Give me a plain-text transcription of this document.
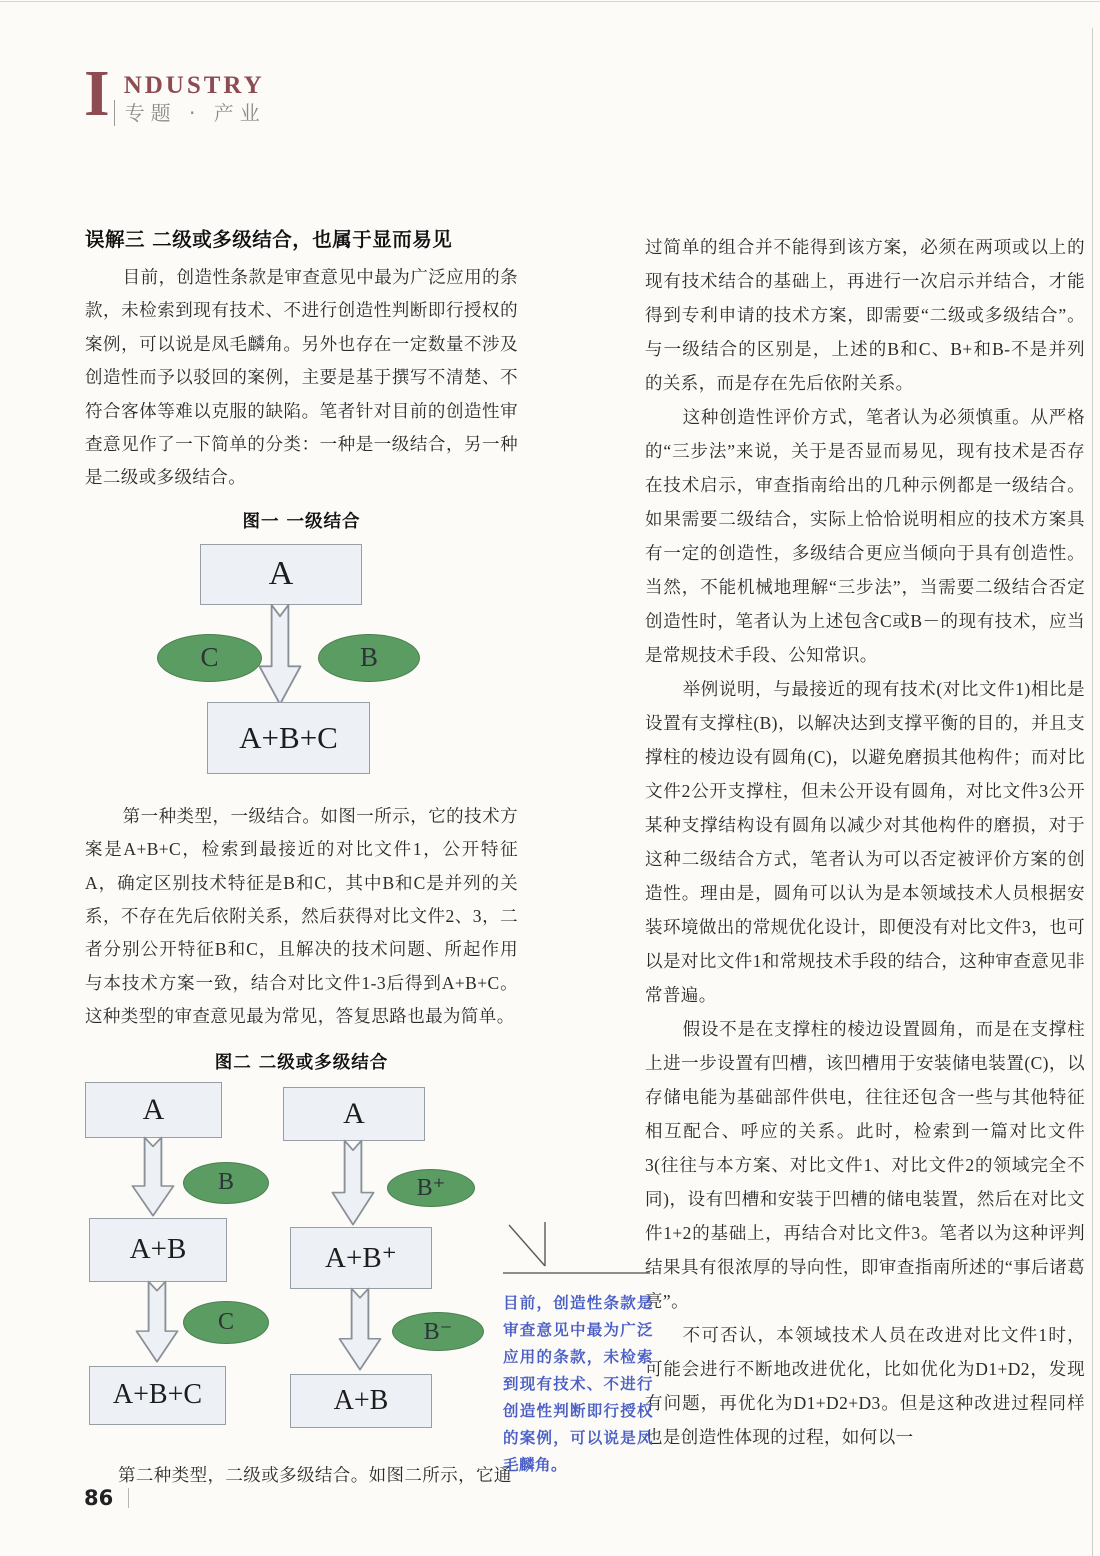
I NDUSTRY
专题 · 产业
误解三 二级或多级结合，也属于显而易见

目前，创造性条款是审查意见中最为广泛应用的条款，未检索到现有技术、不进行创造性判断即行授权的案例，可以说是凤毛麟角。另外也存在一定数量不涉及创造性而予以驳回的案例，主要是基于撰写不清楚、不符合客体等难以克服的缺陷。笔者针对目前的创造性审查意见作了一下简单的分类：一种是一级结合，另一种是二级或多级结合。

图一 一级结合
A
C	B
A+B+C

第一种类型，一级结合。如图一所示，它的技术方案是A+B+C，检索到最接近的对比文件1，公开特征A，确定区别技术特征是B和C，其中B和C是并列的关系，不存在先后依附关系，然后获得对比文件2、3，二者分别公开特征B和C，且解决的技术问题、所起作用与本技术方案一致，结合对比文件1-3后得到A+B+C。这种类型的审查意见最为常见，答复思路也最为简单。

图二 二级或多级结合
A
B
A+B
C
A+B+C
A
B⁺
A+B⁺
B⁻
A+B

第二种类型，二级或多级结合。如图二所示，它通

过简单的组合并不能得到该方案，必须在两项或以上的现有技术结合的基础上，再进行一次启示并结合，才能得到专利申请的技术方案，即需要“二级或多级结合”。与一级结合的区别是，上述的B和C、B+和B-不是并列的关系，而是存在先后依附关系。

这种创造性评价方式，笔者认为必须慎重。从严格的“三步法”来说，关于是否显而易见，现有技术是否存在技术启示，审查指南给出的几种示例都是一级结合。如果需要二级结合，实际上恰恰说明相应的技术方案具有一定的创造性，多级结合更应当倾向于具有创造性。当然，不能机械地理解“三步法”，当需要二级结合否定创造性时，笔者认为上述包含C或B－的现有技术，应当是常规技术手段、公知常识。

举例说明，与最接近的现有技术(对比文件1)相比是设置有支撑柱(B)，以解决达到支撑平衡的目的，并且支撑柱的棱边设有圆角(C)，以避免磨损其他构件；而对比文件2公开支撑柱，但未公开设有圆角，对比文件3公开某种支撑结构设有圆角以减少对其他构件的磨损，对于这种二级结合方式，笔者认为可以否定被评价方案的创造性。理由是，圆角可以认为是本领域技术人员根据安装环境做出的常规优化设计，即便没有对比文件3，也可以是对比文件1和常规技术手段的结合，这种审查意见非常普遍。

假设不是在支撑柱的棱边设置圆角，而是在支撑柱上进一步设置有凹槽，该凹槽用于安装储电装置(C)，以存储电能为基础部件供电，往往还包含一些与其他特征相互配合、呼应的关系。此时，检索到一篇对比文件3(往往与本方案、对比文件1、对比文件2的领域完全不同)，设有凹槽和安装于凹槽的储电装置，然后在对比文件1+2的基础上，再结合对比文件3。笔者以为这种评判结果具有很浓厚的导向性，即审查指南所述的“事后诸葛亮”。

不可否认，本领域技术人员在改进对比文件1时，可能会进行不断地改进优化，比如优化为D1+D2，发现有问题，再优化为D1+D2+D3。但是这种改进过程同样也是创造性体现的过程，如何以一

目前，创造性条款是审查意见中最为广泛应用的条款，未检索到现有技术、不进行创造性判断即行授权的案例，可以说是凤毛麟角。
86
